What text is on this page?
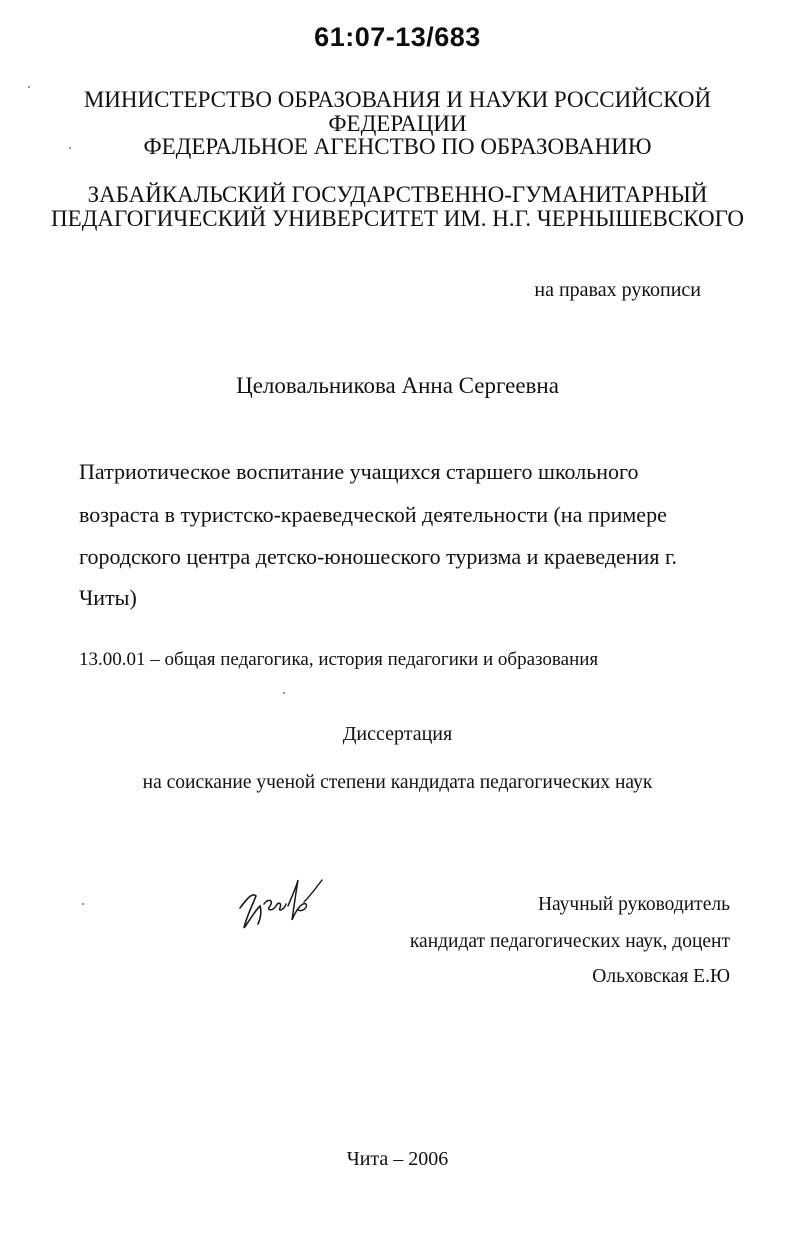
61:07-13/683
МИНИСТЕРСТВО ОБРАЗОВАНИЯ И НАУКИ РОССИЙСКОЙ
ФЕДЕРАЦИИ
ФЕДЕРАЛЬНОЕ АГЕНСТВО ПО ОБРАЗОВАНИЮ
ЗАБАЙКАЛЬСКИЙ ГОСУДАРСТВЕННО-ГУМАНИТАРНЫЙ
ПЕДАГОГИЧЕСКИЙ УНИВЕРСИТЕТ ИМ. Н.Г. ЧЕРНЫШЕВСКОГО
на правах рукописи
Целовальникова Анна Сергеевна
Патриотическое воспитание учащихся старшего школьного
возраста в туристско-краеведческой деятельности (на примере
городского центра детско-юношеского туризма и краеведения г.
Читы)
13.00.01 – общая педагогика, история педагогики и образования
Диссертация
на соискание ученой степени кандидата педагогических наук
Научный руководитель
кандидат педагогических наук, доцент
Ольховская Е.Ю
Чита – 2006
